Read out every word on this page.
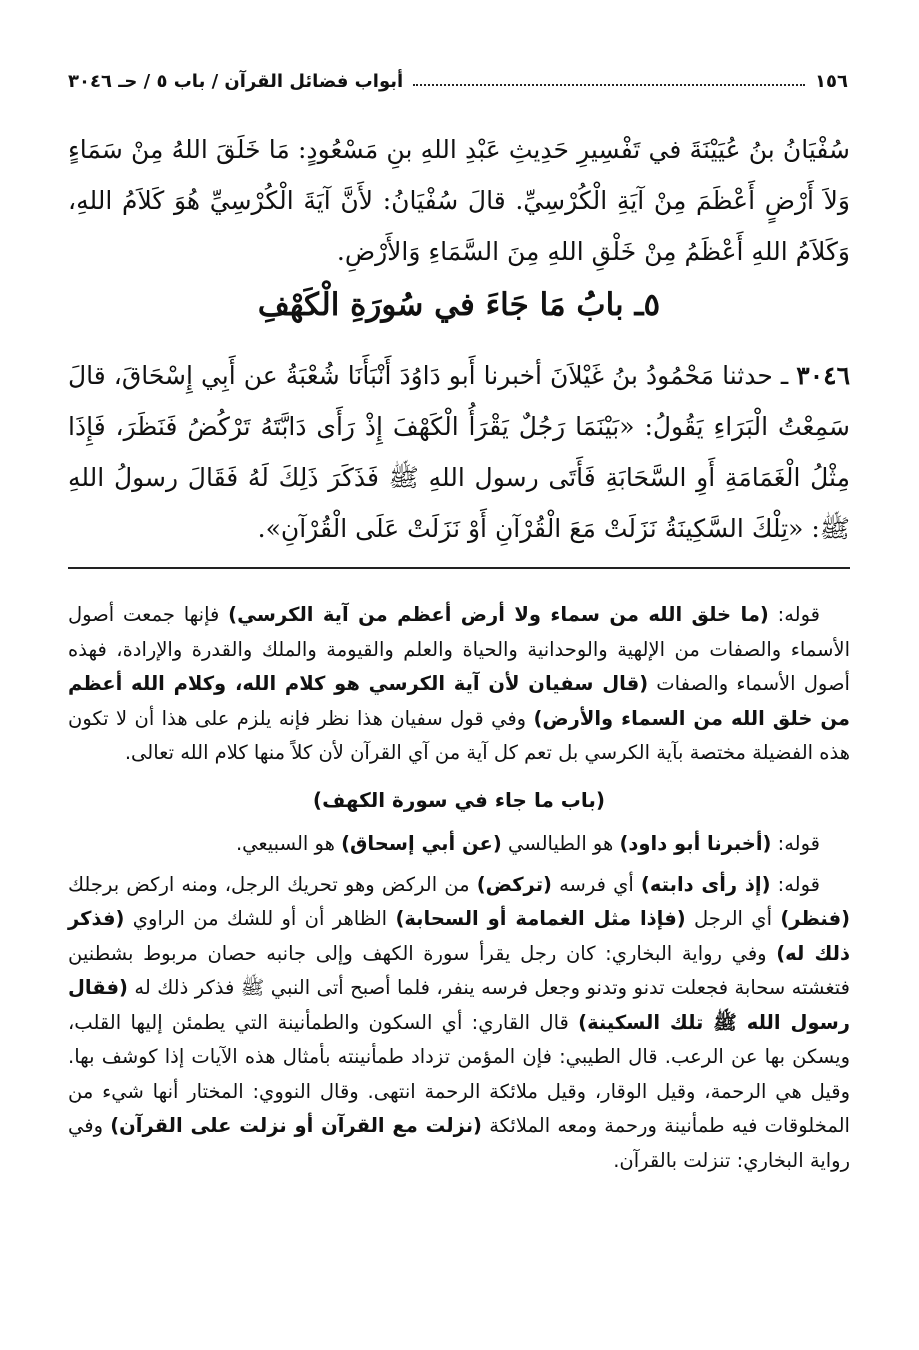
١٥٦
أبواب فضائل القرآن / باب ٥ / حـ ٣٠٤٦
سُفْيَانُ بنُ عُيَيْنَةَ في تَفْسِيرِ حَدِيثِ عَبْدِ اللهِ بنِ مَسْعُودٍ: مَا خَلَقَ اللهُ مِنْ سَمَاءٍ وَلاَ أَرْضٍ أَعْظَمَ مِنْ آيَةِ الْكُرْسِيِّ. قالَ سُفْيَانُ: لأَنَّ آيَةَ الْكُرْسِيِّ هُوَ كَلاَمُ اللهِ، وَكَلاَمُ اللهِ أَعْظَمُ مِنْ خَلْقِ اللهِ مِنَ السَّمَاءِ وَالأَرْضِ.
٥ـ بابُ مَا جَاءَ في سُورَةِ الْكَهْفِ
٣٠٤٦ ـ حدثنا مَحْمُودُ بنُ غَيْلاَنَ أخبرنا أَبو دَاوُدَ أَنْبَأَنَا شُعْبَةُ عن أَبِي إِسْحَاقَ، قالَ سَمِعْتُ الْبَرَاءِ يَقُولُ: «بَيْنَمَا رَجُلٌ يَقْرَأُ الْكَهْفَ إِذْ رَأَى دَابَّتَهُ تَرْكُضُ فَنَظَرَ، فَإِذَا مِثْلُ الْغَمَامَةِ أَوِ السَّحَابَةِ فَأَتَى رسول اللهِ ﷺ فَذَكَرَ ذَلِكَ لَهُ فَقَالَ رسولُ اللهِ ﷺ: «تِلْكَ السَّكِينَةُ نَزَلَتْ مَعَ الْقُرْآنِ أَوْ نَزَلَتْ عَلَى الْقُرْآنِ».

قوله: (ما خلق الله من سماء ولا أرض أعظم من آية الكرسي) فإنها جمعت أصول الأسماء والصفات من الإلهية والوحدانية والحياة والعلم والقيومة والملك والقدرة والإرادة، فهذه أصول الأسماء والصفات (قال سفيان لأن آية الكرسي هو كلام الله، وكلام الله أعظم من خلق الله من السماء والأرض) وفي قول سفيان هذا نظر فإنه يلزم على هذا أن لا تكون هذه الفضيلة مختصة بآية الكرسي بل تعم كل آية من آي القرآن لأن كلاً منها كلام الله تعالى.

(باب ما جاء في سورة الكهف)

قوله: (أخبرنا أبو داود) هو الطيالسي (عن أبي إسحاق) هو السبيعي.

قوله: (إذ رأى دابته) أي فرسه (تركض) من الركض وهو تحريك الرجل، ومنه اركض برجلك (فنظر) أي الرجل (فإذا مثل الغمامة أو السحابة) الظاهر أن أو للشك من الراوي (فذكر ذلك له) وفي رواية البخاري: كان رجل يقرأ سورة الكهف وإلى جانبه حصان مربوط بشطنين فتغشته سحابة فجعلت تدنو وتدنو وجعل فرسه ينفر، فلما أصبح أتى النبي ﷺ فذكر ذلك له (فقال رسول الله ﷺ تلك السكينة) قال القاري: أي السكون والطمأنينة التي يطمئن إليها القلب، ويسكن بها عن الرعب. قال الطيبي: فإن المؤمن تزداد طمأنينته بأمثال هذه الآيات إذا كوشف بها. وقيل هي الرحمة، وقيل الوقار، وقيل ملائكة الرحمة انتهى. وقال النووي: المختار أنها شيء من المخلوقات فيه طمأنينة ورحمة ومعه الملائكة (نزلت مع القرآن أو نزلت على القرآن) وفي رواية البخاري: تنزلت بالقرآن.
